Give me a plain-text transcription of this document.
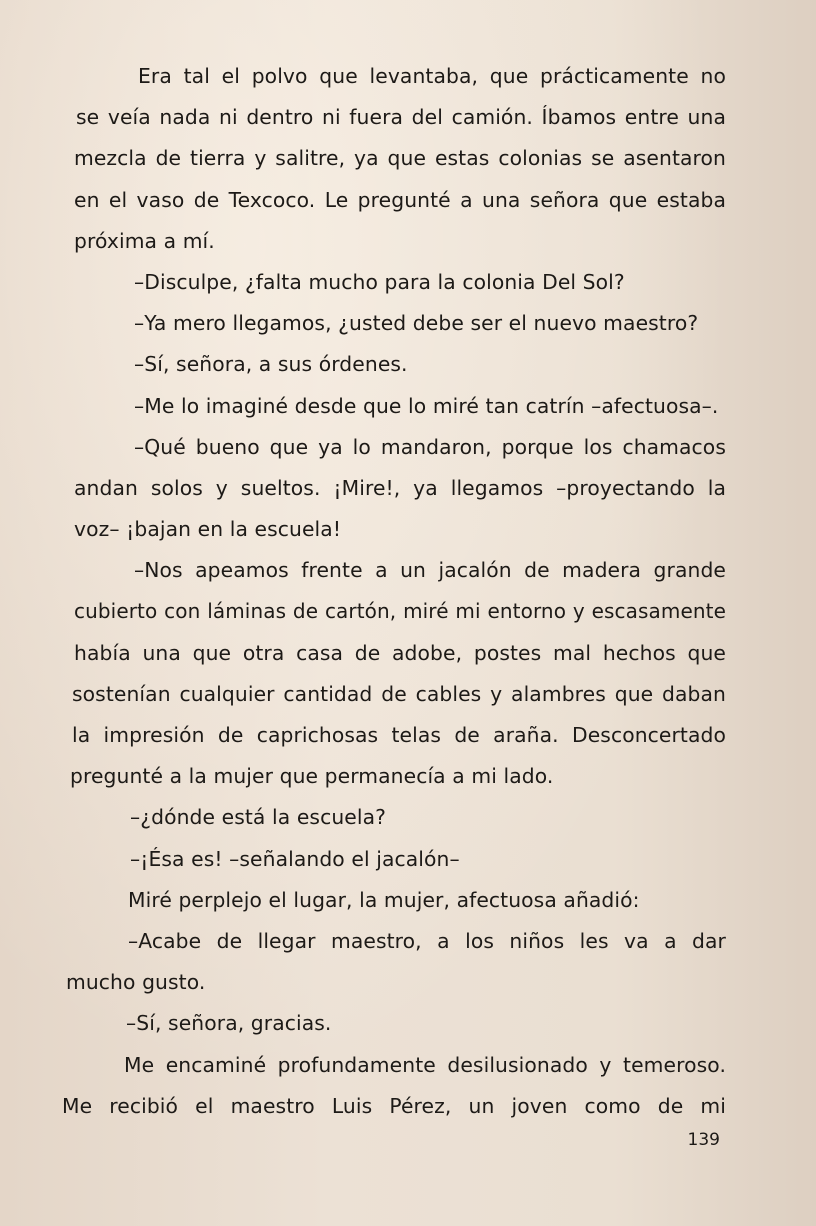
Era tal el polvo que levantaba, que prácticamente no
se veía nada ni dentro ni fuera del camión. Íbamos entre una
mezcla de tierra y salitre, ya que estas colonias se asentaron
en el vaso de Texcoco. Le pregunté a una señora que estaba
próxima a mí.
–Disculpe, ¿falta mucho para la colonia Del Sol?
–Ya mero llegamos, ¿usted debe ser el nuevo maestro?
–Sí, señora, a sus órdenes.
–Me lo imaginé desde que lo miré tan catrín –afectuosa–.
–Qué bueno que ya lo mandaron, porque los chamacos
andan solos y sueltos. ¡Mire!, ya llegamos –proyectando la
voz– ¡bajan en la escuela!
–Nos apeamos frente a un jacalón de madera grande
cubierto con láminas de cartón, miré mi entorno y escasamente
había una que otra casa de adobe, postes mal hechos que
sostenían cualquier cantidad de cables y alambres que daban
la impresión de caprichosas telas de araña. Desconcertado
pregunté a la mujer que permanecía a mi lado.
–¿dónde está la escuela?
–¡Ésa es! –señalando el jacalón–
Miré perplejo el lugar, la mujer, afectuosa añadió:
–Acabe de llegar maestro, a los niños les va a dar
mucho gusto.
–Sí, señora, gracias.
Me encaminé profundamente desilusionado y temeroso.
Me recibió el maestro Luis Pérez, un joven como de mi
139
